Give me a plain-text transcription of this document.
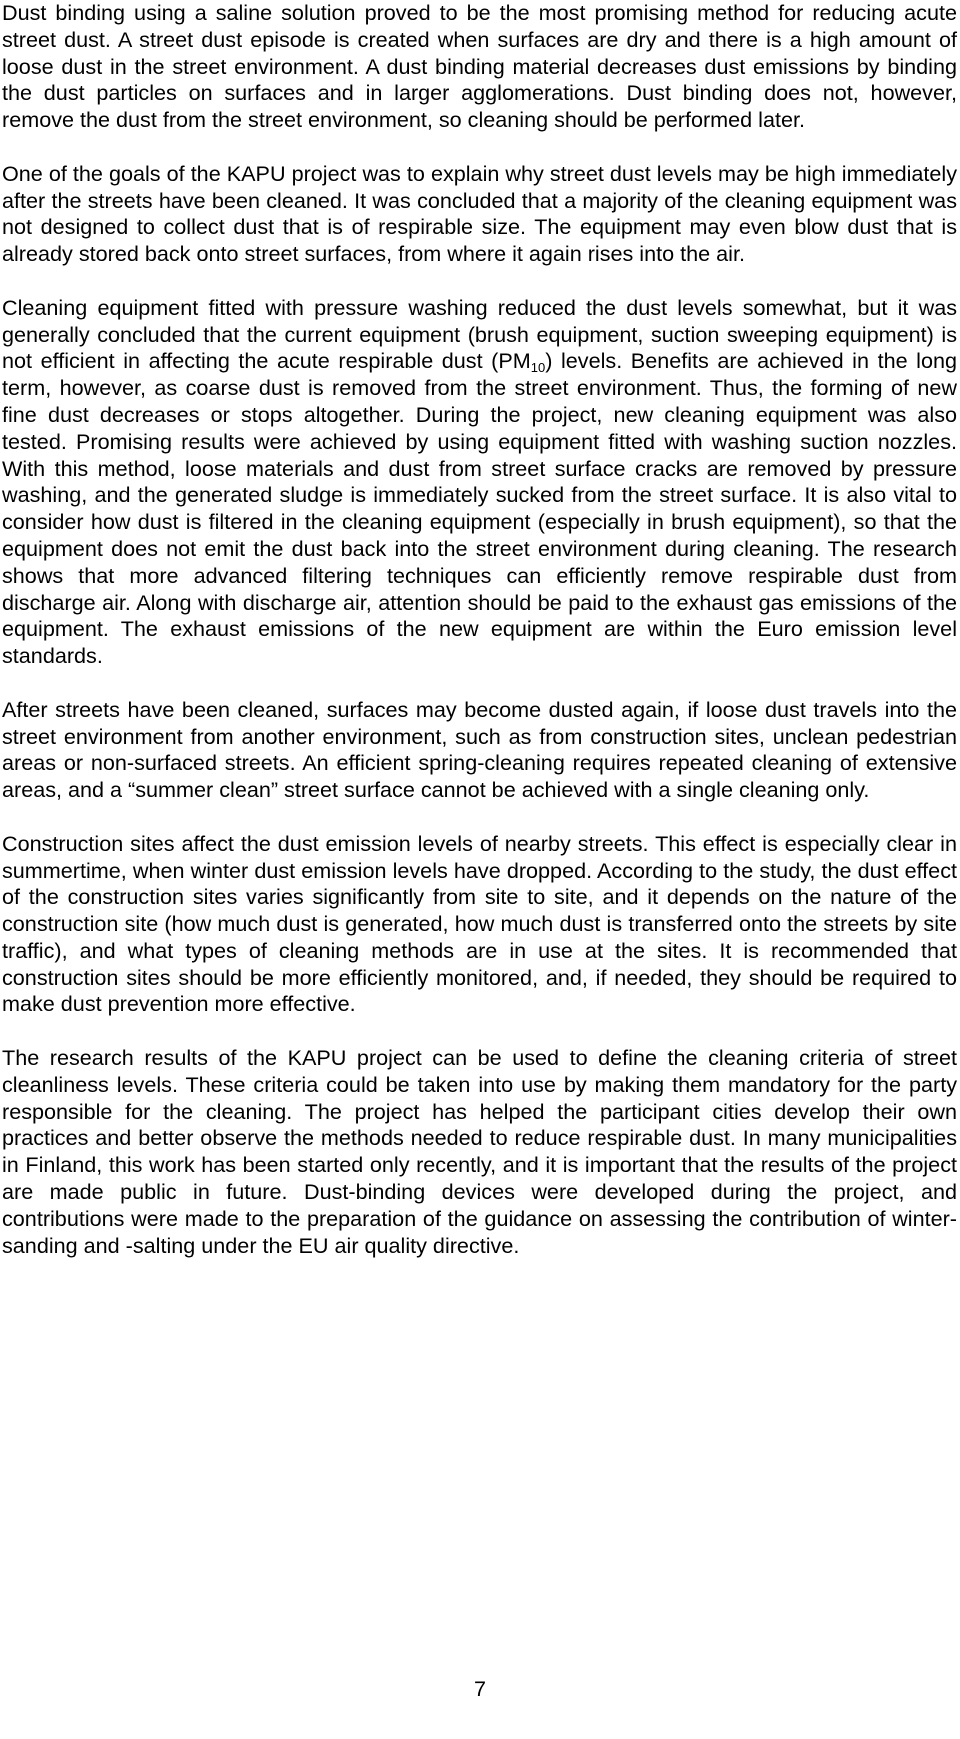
Dust binding using a saline solution proved to be the most promising method for reducing acute street dust. A street dust episode is created when surfaces are dry and there is a high amount of loose dust in the street environment. A dust binding material decreases dust emissions by binding the dust particles on surfaces and in larger agglomerations. Dust binding does not, however, remove the dust from the street environment, so cleaning should be performed later.

One of the goals of the KAPU project was to explain why street dust levels may be high immediately after the streets have been cleaned. It was concluded that a majority of the cleaning equipment was not designed to collect dust that is of respirable size. The equipment may even blow dust that is already stored back onto street surfaces, from where it again rises into the air.

Cleaning equipment fitted with pressure washing reduced the dust levels somewhat, but it was generally concluded that the current equipment (brush equipment, suction sweeping equipment) is not efficient in affecting the acute respirable dust $(PM_{10})$ levels. Benefits are achieved in the long term, however, as coarse dust is removed from the street environment. Thus, the forming of new fine dust decreases or stops altogether. During the project, new cleaning equipment was also tested. Promising results were achieved by using equipment fitted with washing suction nozzles. With this method, loose materials and dust from street surface cracks are removed by pressure washing, and the generated sludge is immediately sucked from the street surface. It is also vital to consider how dust is filtered in the cleaning equipment (especially in brush equipment), so that the equipment does not emit the dust back into the street environment during cleaning. The research shows that more advanced filtering techniques can efficiently remove respirable dust from discharge air. Along with discharge air, attention should be paid to the exhaust gas emissions of the equipment. The exhaust emissions of the new equipment are within the Euro emission level standards.

After streets have been cleaned, surfaces may become dusted again, if loose dust travels into the street environment from another environment, such as from construction sites, unclean pedestrian areas or non-surfaced streets. An efficient spring-cleaning requires repeated cleaning of extensive areas, and a “summer clean” street surface cannot be achieved with a single cleaning only.

Construction sites affect the dust emission levels of nearby streets. This effect is especially clear in summertime, when winter dust emission levels have dropped. According to the study, the dust effect of the construction sites varies significantly from site to site, and it depends on the nature of the construction site (how much dust is generated, how much dust is transferred onto the streets by site traffic), and what types of cleaning methods are in use at the sites. It is recommended that construction sites should be more efficiently monitored, and, if needed, they should be required to make dust prevention more effective.

The research results of the KAPU project can be used to define the cleaning criteria of street cleanliness levels. These criteria could be taken into use by making them mandatory for the party responsible for the cleaning. The project has helped the participant cities develop their own practices and better observe the methods needed to reduce respirable dust. In many municipalities in Finland, this work has been started only recently, and it is important that the results of the project are made public in future. Dust-binding devices were developed during the project, and contributions were made to the preparation of the guidance on assessing the contribution of winter-sanding and -salting under the EU air quality directive.

7
